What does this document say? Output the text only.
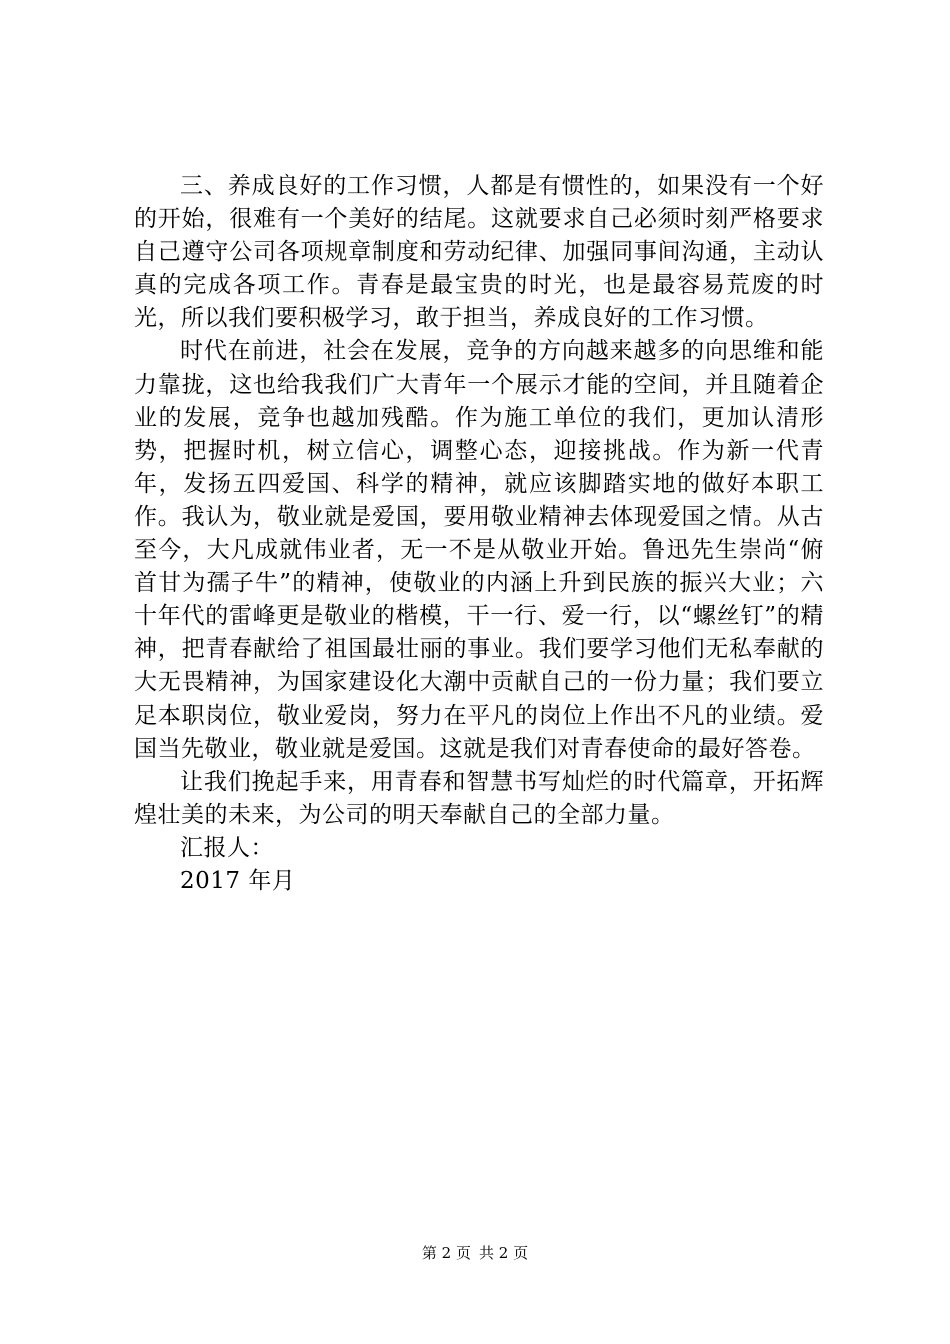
三、养成良好的工作习惯，人都是有惯性的，如果没有一个好的开始，很难有一个美好的结尾。这就要求自己必须时刻严格要求自己遵守公司各项规章制度和劳动纪律、加强同事间沟通，主动认真的完成各项工作。青春是最宝贵的时光，也是最容易荒废的时光，所以我们要积极学习，敢于担当，养成良好的工作习惯。

时代在前进，社会在发展，竞争的方向越来越多的向思维和能力靠拢，这也给我我们广大青年一个展示才能的空间，并且随着企业的发展，竞争也越加残酷。作为施工单位的我们，更加认清形势，把握时机，树立信心，调整心态，迎接挑战。作为新一代青年，发扬五四爱国、科学的精神，就应该脚踏实地的做好本职工作。我认为，敬业就是爱国，要用敬业精神去体现爱国之情。从古至今，大凡成就伟业者，无一不是从敬业开始。鲁迅先生崇尚“俯首甘为孺子牛”的精神，使敬业的内涵上升到民族的振兴大业；六十年代的雷峰更是敬业的楷模，干一行、爱一行，以“螺丝钉”的精神，把青春献给了祖国最壮丽的事业。我们要学习他们无私奉献的大无畏精神，为国家建设化大潮中贡献自己的一份力量；我们要立足本职岗位，敬业爱岗，努力在平凡的岗位上作出不凡的业绩。爱国当先敬业，敬业就是爱国。这就是我们对青春使命的最好答卷。

让我们挽起手来，用青春和智慧书写灿烂的时代篇章，开拓辉煌壮美的未来，为公司的明天奉献自己的全部力量。

汇报人：

2017 年月

第 2 页 共 2 页
